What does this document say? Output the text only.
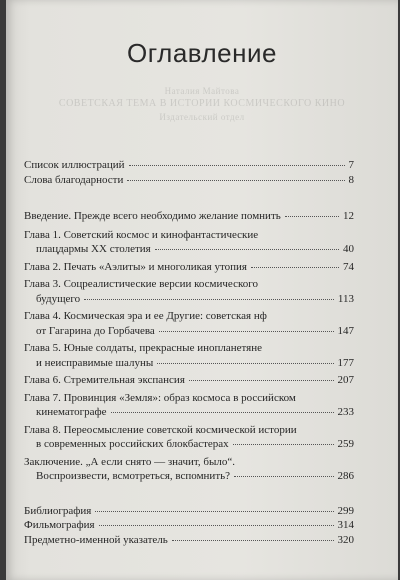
Оглавление
Наталия Майтова
СОВЕТСКАЯ ТЕМА В ИСТОРИИ КОСМИЧЕСКОГО КИНО
Издательский отдел
Список иллюстраций	7
Слова благодарности	8
Введение. Прежде всего необходимо желание помнить	12
Глава 1. Советский космос и кинофантастические
плацдармы XX столетия	40
Глава 2. Печать «Аэлиты» и многоликая утопия	74
Глава 3. Соцреалистические версии космического
будущего	113
Глава 4. Космическая эра и ее Другие: советская нф
от Гагарина до Горбачева	147
Глава 5. Юные солдаты, прекрасные инопланетяне
и неисправимые шалуны	177
Глава 6. Стремительная экспансия	207
Глава 7. Провинция «Земля»: образ космоса в российском
кинематографе	233
Глава 8. Переосмысление советской космической истории
в современных российских блокбастерах	259
Заключение. „А если снято — значит, было“.
Воспроизвести, всмотреться, вспомнить?	286
Библиография	299
Фильмография	314
Предметно-именной указатель	320
